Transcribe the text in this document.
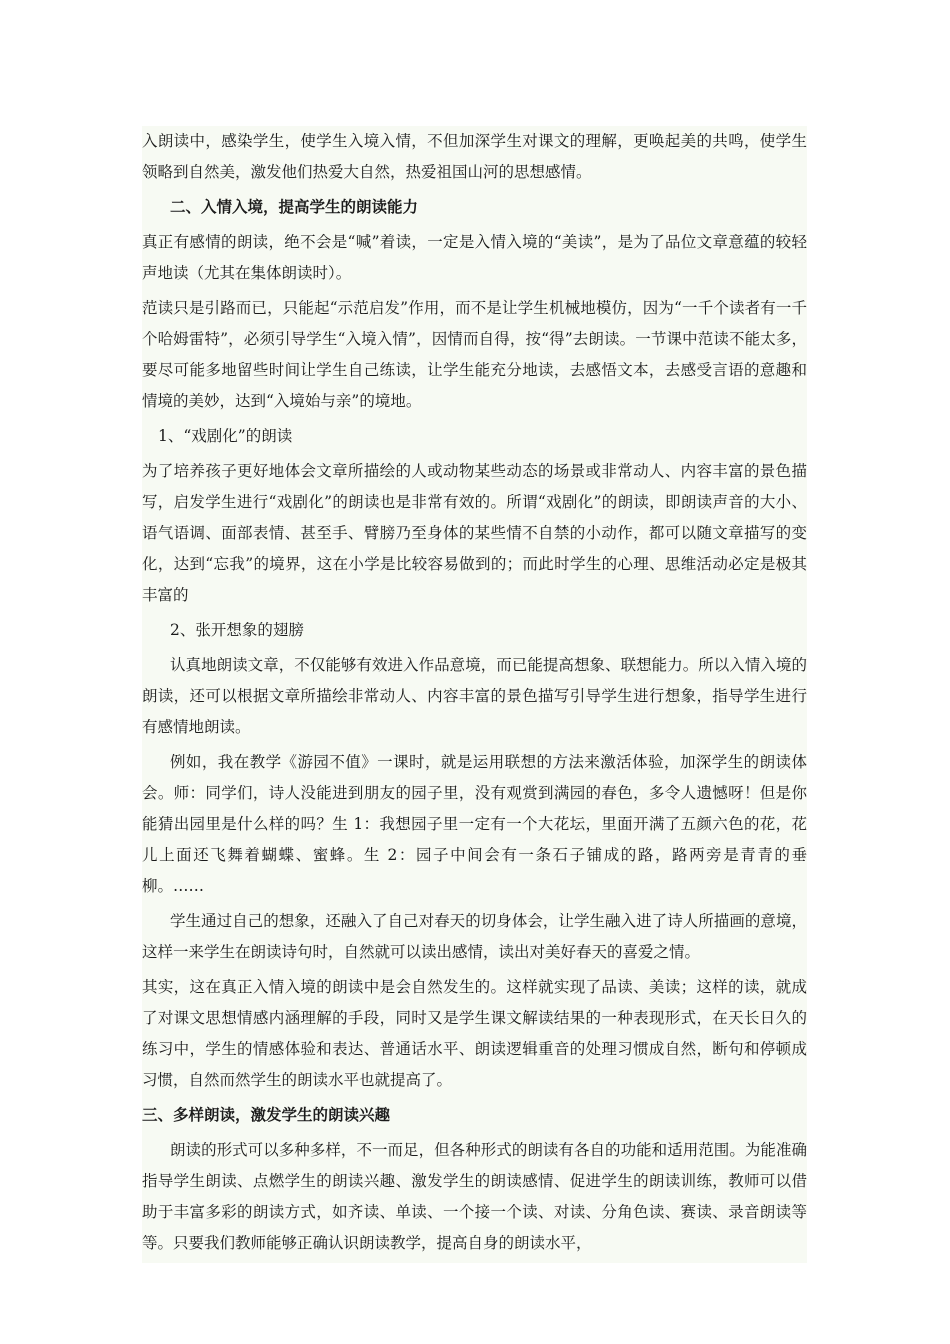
入朗读中，感染学生，使学生入境入情，不但加深学生对课文的理解，更唤起美的共鸣，使学生领略到自然美，激发他们热爱大自然，热爱祖国山河的思想感情。

二、入情入境，提高学生的朗读能力

真正有感情的朗读，绝不会是“喊”着读，一定是入情入境的“美读”，是为了品位文章意蕴的较轻声地读（尤其在集体朗读时）。

范读只是引路而已，只能起“示范启发”作用，而不是让学生机械地模仿，因为“一千个读者有一千个哈姆雷特”，必须引导学生“入境入情”，因情而自得，按“得”去朗读。一节课中范读不能太多，要尽可能多地留些时间让学生自己练读，让学生能充分地读，去感悟文本，去感受言语的意趣和情境的美妙，达到“入境始与亲”的境地。

1、“戏剧化”的朗读

为了培养孩子更好地体会文章所描绘的人或动物某些动态的场景或非常动人、内容丰富的景色描写，启发学生进行“戏剧化”的朗读也是非常有效的。所谓“戏剧化”的朗读，即朗读声音的大小、语气语调、面部表情、甚至手、臂膀乃至身体的某些情不自禁的小动作，都可以随文章描写的变化，达到“忘我”的境界，这在小学是比较容易做到的；而此时学生的心理、思维活动必定是极其丰富的

2、张开想象的翅膀

认真地朗读文章，不仅能够有效进入作品意境，而已能提高想象、联想能力。所以入情入境的朗读，还可以根据文章所描绘非常动人、内容丰富的景色描写引导学生进行想象，指导学生进行有感情地朗读。

例如，我在教学《游园不值》一课时，就是运用联想的方法来激活体验，加深学生的朗读体会。师：同学们，诗人没能进到朋友的园子里，没有观赏到满园的春色，多令人遗憾呀！但是你能猜出园里是什么样的吗？生 1：我想园子里一定有一个大花坛，里面开满了五颜六色的花，花儿上面还飞舞着蝴蝶、蜜蜂。生 2：园子中间会有一条石子铺成的路，路两旁是青青的垂柳。……

学生通过自己的想象，还融入了自己对春天的切身体会，让学生融入进了诗人所描画的意境，这样一来学生在朗读诗句时，自然就可以读出感情，读出对美好春天的喜爱之情。

其实，这在真正入情入境的朗读中是会自然发生的。这样就实现了品读、美读；这样的读，就成了对课文思想情感内涵理解的手段，同时又是学生课文解读结果的一种表现形式，在天长日久的练习中，学生的情感体验和表达、普通话水平、朗读逻辑重音的处理习惯成自然，断句和停顿成习惯，自然而然学生的朗读水平也就提高了。

三、多样朗读，激发学生的朗读兴趣

朗读的形式可以多种多样，不一而足，但各种形式的朗读有各自的功能和适用范围。为能准确指导学生朗读、点燃学生的朗读兴趣、激发学生的朗读感情、促进学生的朗读训练，教师可以借助于丰富多彩的朗读方式，如齐读、单读、一个接一个读、对读、分角色读、赛读、录音朗读等等。只要我们教师能够正确认识朗读教学，提高自身的朗读水平，
